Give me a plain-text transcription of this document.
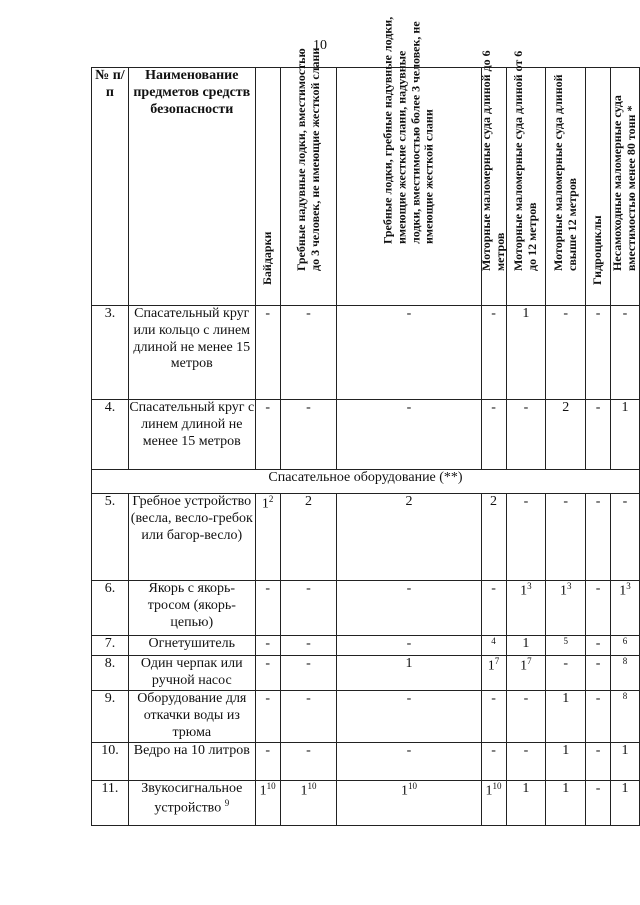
10
№ п/п	Наименование предметов средств безопасности	Байдарки	Гребные надувные лодки, вместимостью до 3 человек, не имеющие жесткой слани	Гребные лодки, гребные надувные лодки, имеющие жесткие слани, надувные лодки, вместимостью более 3 человек, не имеющие жесткой слани	Моторные маломерные суда длиной до 6 метров	Моторные маломерные суда длиной от 6 до 12 метров	Моторные маломерные суда длиной свыше 12 метров	Гидроциклы	Несамоходные маломерные суда вместимостью менее 80 тонн *

3.	Спасательный круг или кольцо с линем длиной не менее 15 метров	-	-	-	-	1	-	-	-
4.	Спасательный круг с линем длиной не менее 15 метров	-	-	-	-	-	2	-	1
Спасательное оборудование (**)									
5.	Гребное устройство (весла, весло-гребок или багор-весло)	$1^2$	2	2	2	-	-	-	-
6.	Якорь с якорь-тросом (якорь-цепью)	-	-	-	-	$1^3$	$1^3$	-	$1^3$
7.	Огнетушитель	-	-	-	$^4$	1	$^5$	-	$^6$
8.	Один черпак или ручной насос	-	-	1	$1^7$	$1^7$	-	-	$^8$
9.	Оборудование для откачки воды из трюма	-	-	-	-	-	1	-	$^8$
10.	Ведро на 10 литров	-	-	-	-	-	1	-	1
11.	Звукосигнальное устройство $^9$	$1^{10}$	$1^{10}$	$1^{10}$	$1^{10}$	1	1	-	1
